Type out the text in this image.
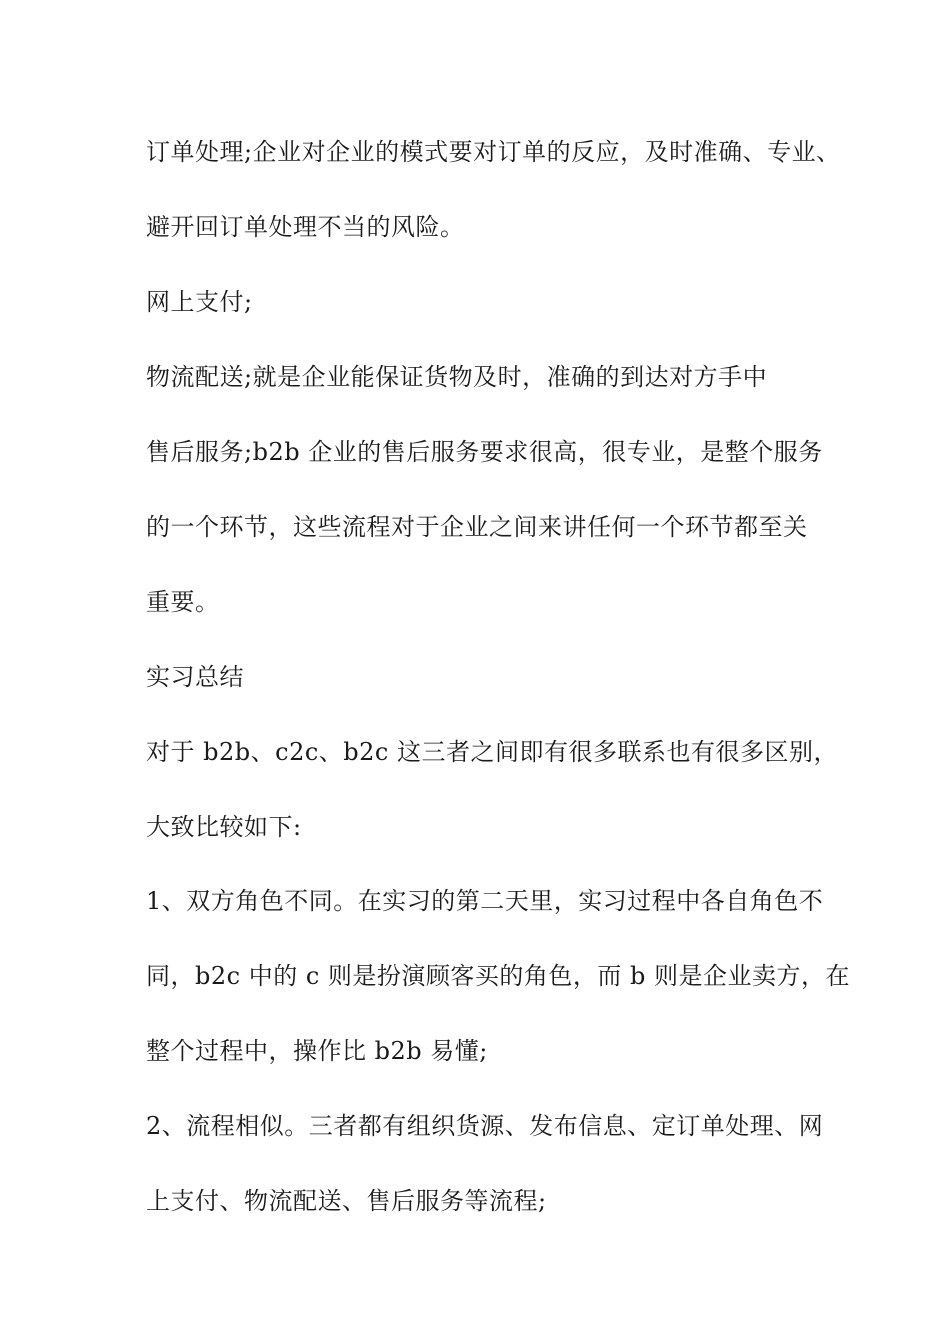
订单处理;企业对企业的模式要对订单的反应，及时准确、专业、
避开回订单处理不当的风险。
网上支付;
物流配送;就是企业能保证货物及时，准确的到达对方手中
售后服务;b2b 企业的售后服务要求很高，很专业，是整个服务
的一个环节，这些流程对于企业之间来讲任何一个环节都至关
重要。
实习总结
对于 b2b、c2c、b2c 这三者之间即有很多联系也有很多区别，
大致比较如下:
1、双方角色不同。在实习的第二天里，实习过程中各自角色不
同，b2c 中的 c 则是扮演顾客买的角色，而 b 则是企业卖方，在
整个过程中，操作比 b2b 易懂;
2、流程相似。三者都有组织货源、发布信息、定订单处理、网
上支付、物流配送、售后服务等流程;
